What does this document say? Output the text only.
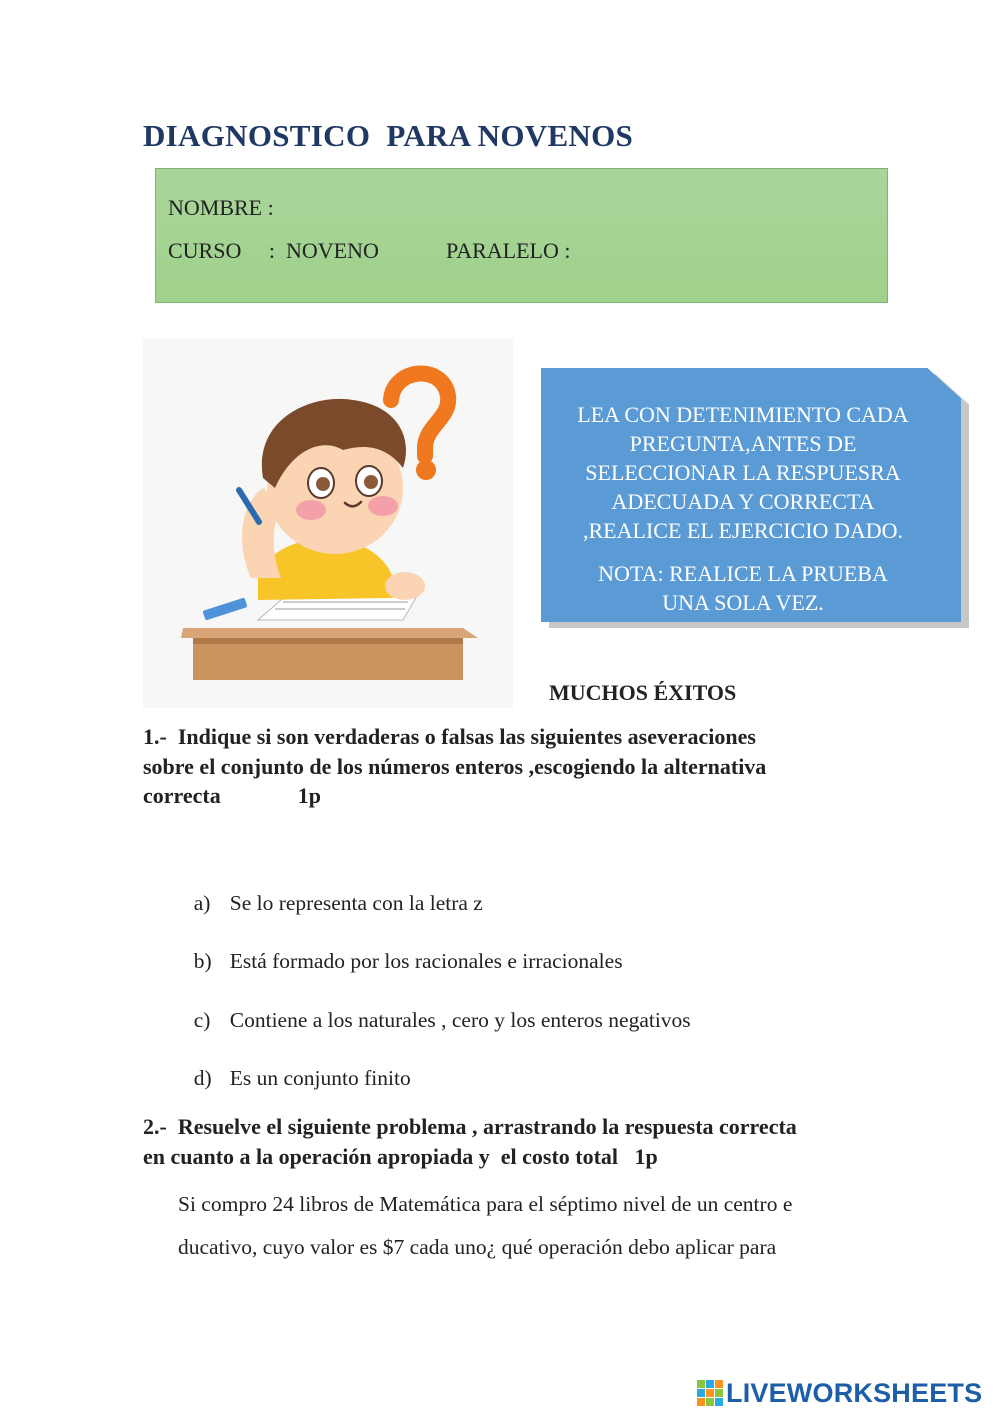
DIAGNOSTICO  PARA NOVENOS
NOMBRE :
CURSO     :  NOVENO	PARALELO :
LEA CON DETENIMIENTO CADA
PREGUNTA,ANTES DE
SELECCIONAR LA RESPUESRA
ADECUADA Y CORRECTA
,REALICE EL EJERCICIO DADO.
NOTA: REALICE LA PRUEBA
UNA SOLA VEZ.
MUCHOS ÉXITOS
1.-  Indique si son verdaderas o falsas las siguientes aseveraciones
sobre el conjunto de los números enteros ,escogiendo la alternativa
correcta              1p

a) Se lo representa con la letra z

b) Está formado por los racionales e irracionales

c) Contiene a los naturales , cero y los enteros negativos

d) Es un conjunto finito

2.-  Resuelve el siguiente problema , arrastrando la respuesta correcta
en cuanto a la operación apropiada y  el costo total   1p
Si compro 24 libros de Matemática para el séptimo nivel de un centro e
ducativo, cuyo valor es $7 cada uno¿ qué operación debo aplicar para
LIVEWORKSHEETS
